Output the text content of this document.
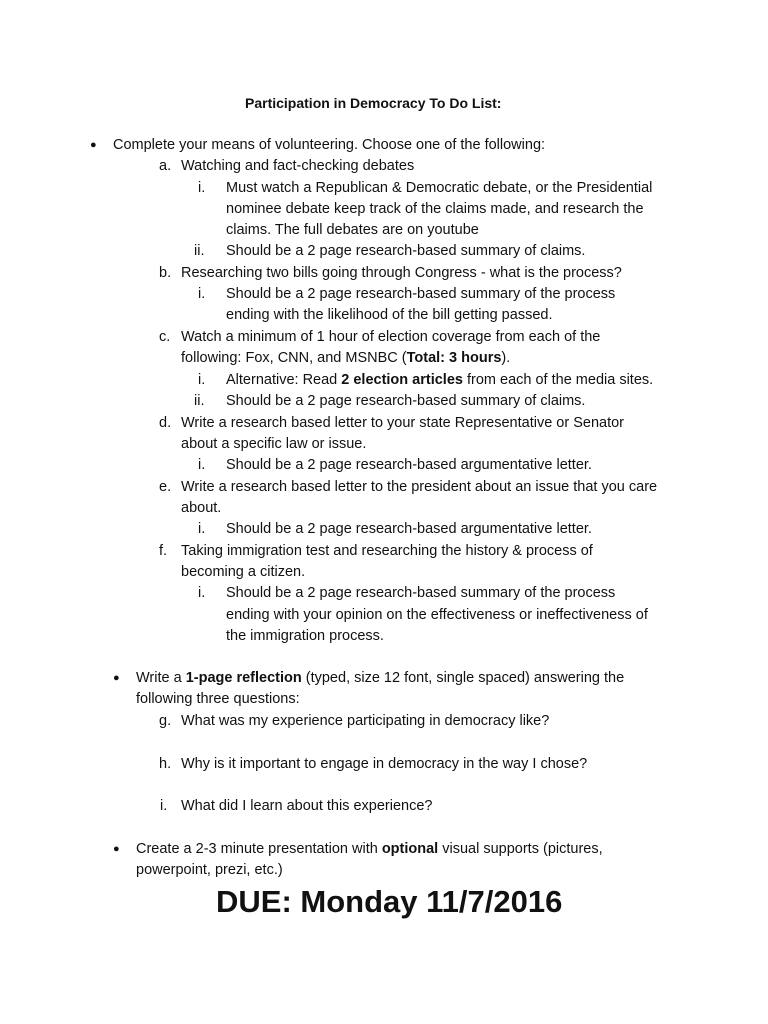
Participation in Democracy To Do List:
● Complete your means of volunteering. Choose one of the following:
a. Watching and fact-checking debates
i. Must watch a Republican & Democratic debate, or the Presidential
nominee debate keep track of the claims made, and research the
claims. The full debates are on youtube
ii. Should be a 2 page research-based summary of claims.
b. Researching two bills going through Congress - what is the process?
i. Should be a 2 page research-based summary of the process
ending with the likelihood of the bill getting passed.
c. Watch a minimum of 1 hour of election coverage from each of the
following: Fox, CNN, and MSNBC (Total: 3 hours).
i. Alternative: Read 2 election articles from each of the media sites.
ii. Should be a 2 page research-based summary of claims.
d. Write a research based letter to your state Representative or Senator
about a specific law or issue.
i. Should be a 2 page research-based argumentative letter.
e. Write a research based letter to the president about an issue that you care
about.
i. Should be a 2 page research-based argumentative letter.
f. Taking immigration test and researching the history & process of
becoming a citizen.
i. Should be a 2 page research-based summary of the process
ending with your opinion on the effectiveness or ineffectiveness of
the immigration process.
● Write a 1-page reflection (typed, size 12 font, single spaced) answering the
following three questions:
g. What was my experience participating in democracy like?
h. Why is it important to engage in democracy in the way I chose?
i. What did I learn about this experience?
● Create a 2-3 minute presentation with optional visual supports (pictures,
powerpoint, prezi, etc.)
DUE: Monday 11/7/2016
